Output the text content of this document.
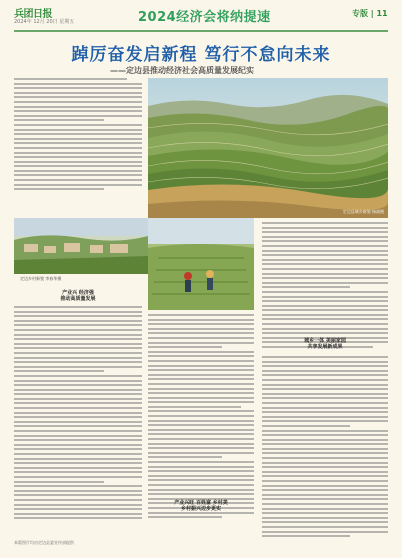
兵团日报
2024年 12月 20日 星期五	2024经济会将纳提速	专版 | 11
踔厉奋发启新程 笃行不怠向未来
——定边县推动经济社会高质量发展纪实
定边县城乡新貌 杨斌摄
定边乡村新貌 李春华摄
城乡一体 美丽家园
共享发展新成果
产业兴 经济强
推动高质量发展
产业兴旺 百姓富 乡村美
乡村振兴迈步更实
本版图片均由定边县委宣传部提供
